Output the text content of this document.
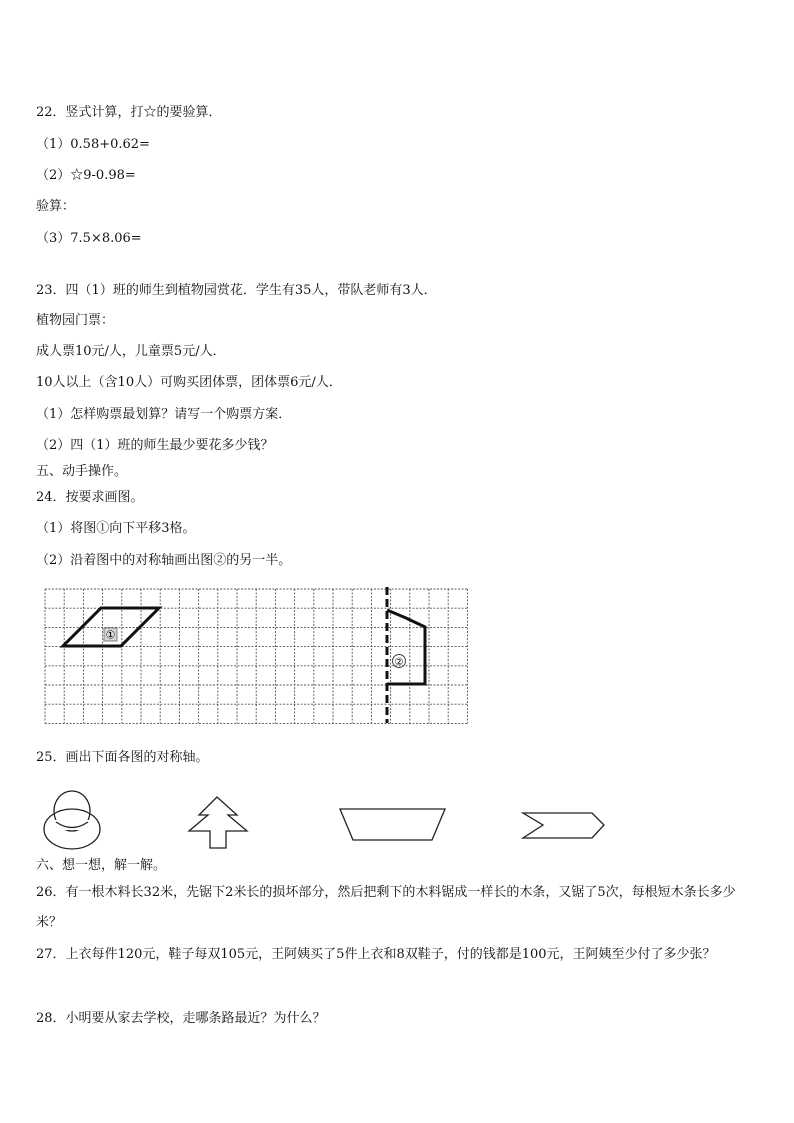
22．竖式计算，打☆的要验算．
（1）0.58+0.62=
（2）☆9-0.98=
验算：
（3）7.5×8.06=
23．四（1）班的师生到植物园赏花．学生有35人，带队老师有3人．
植物园门票：
成人票10元/人，儿童票5元/人．
10人以上（含10人）可购买团体票，团体票6元/人．
（1）怎样购票最划算？请写一个购票方案．
（2）四（1）班的师生最少要花多少钱？
五、动手操作。
24．按要求画图。
（1）将图①向下平移3格。
（2）沿着图中的对称轴画出图②的另一半。
①
②
25．画出下面各图的对称轴。
六、想一想，解一解。
26．有一根木料长32米，先锯下2米长的损坏部分，然后把剩下的木料锯成一样长的木条，又锯了5次，每根短木条长多少米？
27．上衣每件120元，鞋子每双105元，王阿姨买了5件上衣和8双鞋子，付的钱都是100元，王阿姨至少付了多少张？
28．小明要从家去学校，走哪条路最近？为什么？
